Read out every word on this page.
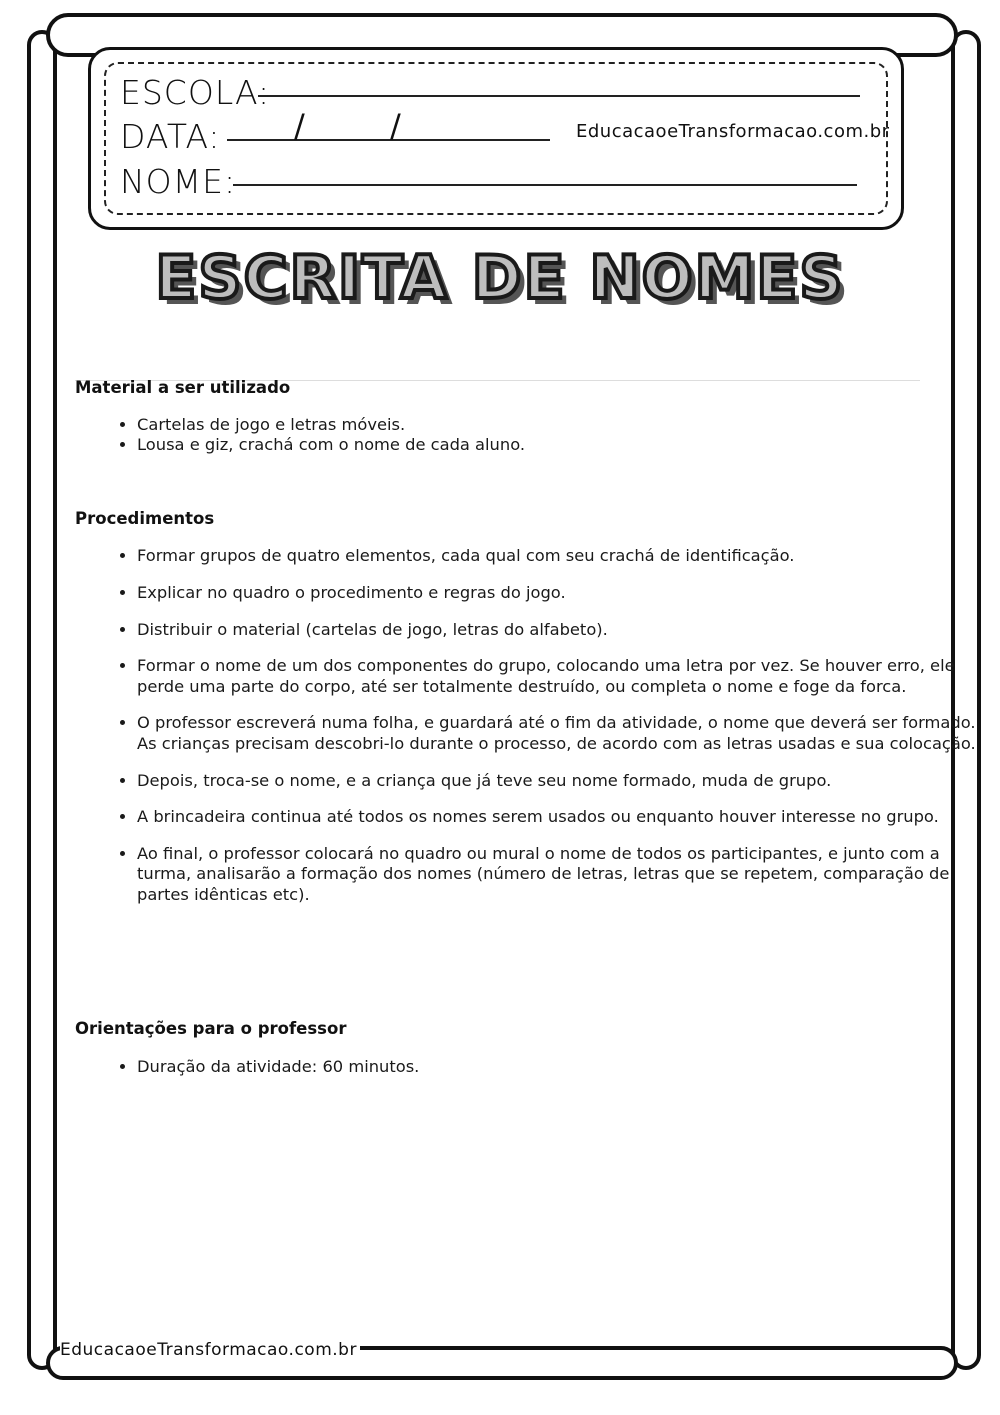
ESCOLA:
DATA: /	/	EducacaoeTransformacao.com.br
NOME:
ESCRITA DE NOMES
Material a ser utilizado
• Cartelas de jogo e letras móveis.
• Lousa e giz, crachá com o nome de cada aluno.
Procedimentos
• Formar grupos de quatro elementos, cada qual com seu crachá de identificação.
• Explicar no quadro o procedimento e regras do jogo.
• Distribuir o material (cartelas de jogo, letras do alfabeto).
• Formar o nome de um dos componentes do grupo, colocando uma letra por vez. Se houver erro, ele perde uma parte do corpo, até ser totalmente destruído, ou completa o nome e foge da forca.
• O professor escreverá numa folha, e guardará até o fim da atividade, o nome que deverá ser formado. As crianças precisam descobri-lo durante o processo, de acordo com as letras usadas e sua colocação.
• Depois, troca-se o nome, e a criança que já teve seu nome formado, muda de grupo.
• A brincadeira continua até todos os nomes serem usados ou enquanto houver interesse no grupo.
• Ao final, o professor colocará no quadro ou mural o nome de todos os participantes, e junto com a turma, analisarão a formação dos nomes (número de letras, letras que se repetem, comparação de partes idênticas etc).
Orientações para o professor
• Duração da atividade: 60 minutos.
EducacaoeTransformacao.com.br
